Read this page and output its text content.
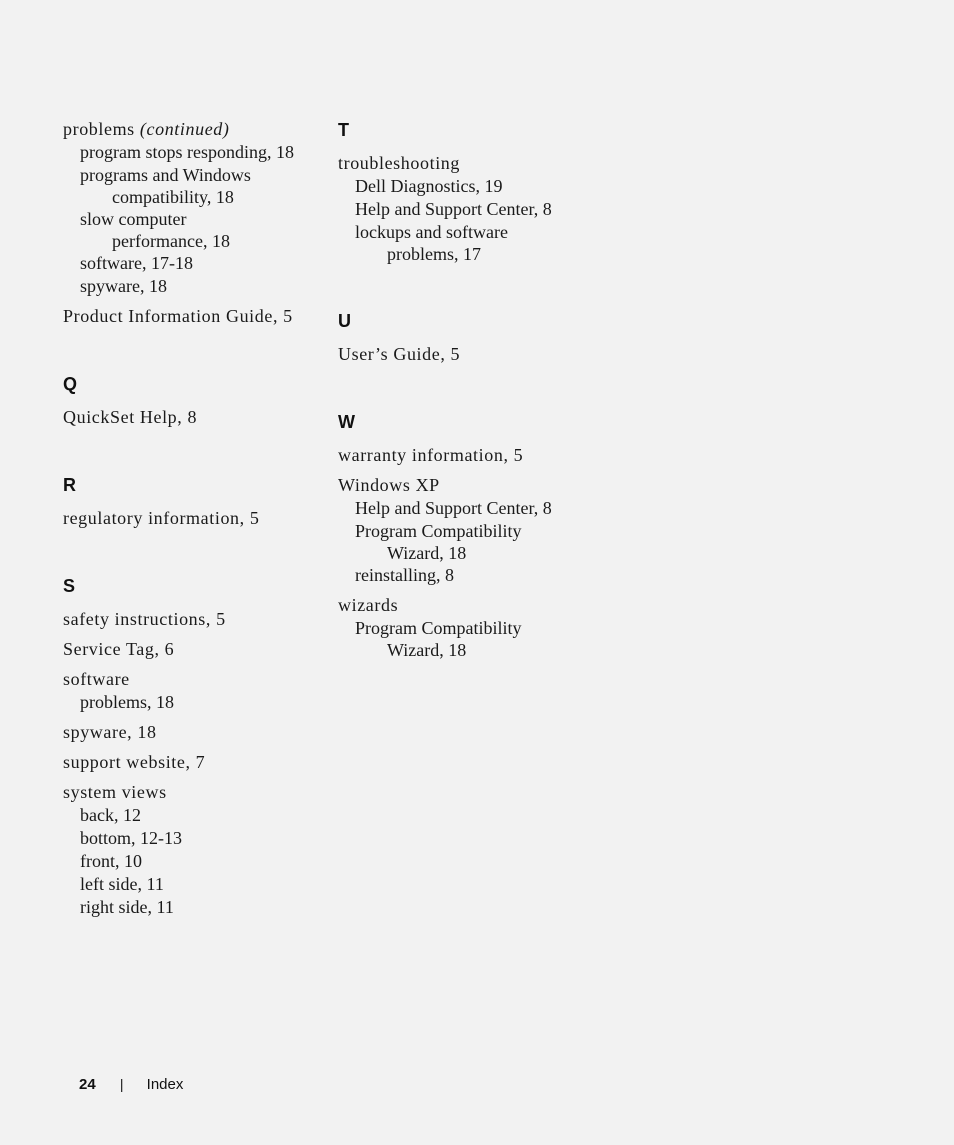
problems (continued)
program stops responding, 18
programs and Windows
compatibility, 18
slow computer
performance, 18
software, 17-18
spyware, 18
Product Information Guide, 5
Q
QuickSet Help, 8
R
regulatory information, 5
S
safety instructions, 5
Service Tag, 6
software
problems, 18
spyware, 18
support website, 7
system views
back, 12
bottom, 12-13
front, 10
left side, 11
right side, 11
T
troubleshooting
Dell Diagnostics, 19
Help and Support Center, 8
lockups and software
problems, 17
U
User’s Guide, 5
W
warranty information, 5
Windows XP
Help and Support Center, 8
Program Compatibility
Wizard, 18
reinstalling, 8
wizards
Program Compatibility
Wizard, 18
24 | Index
